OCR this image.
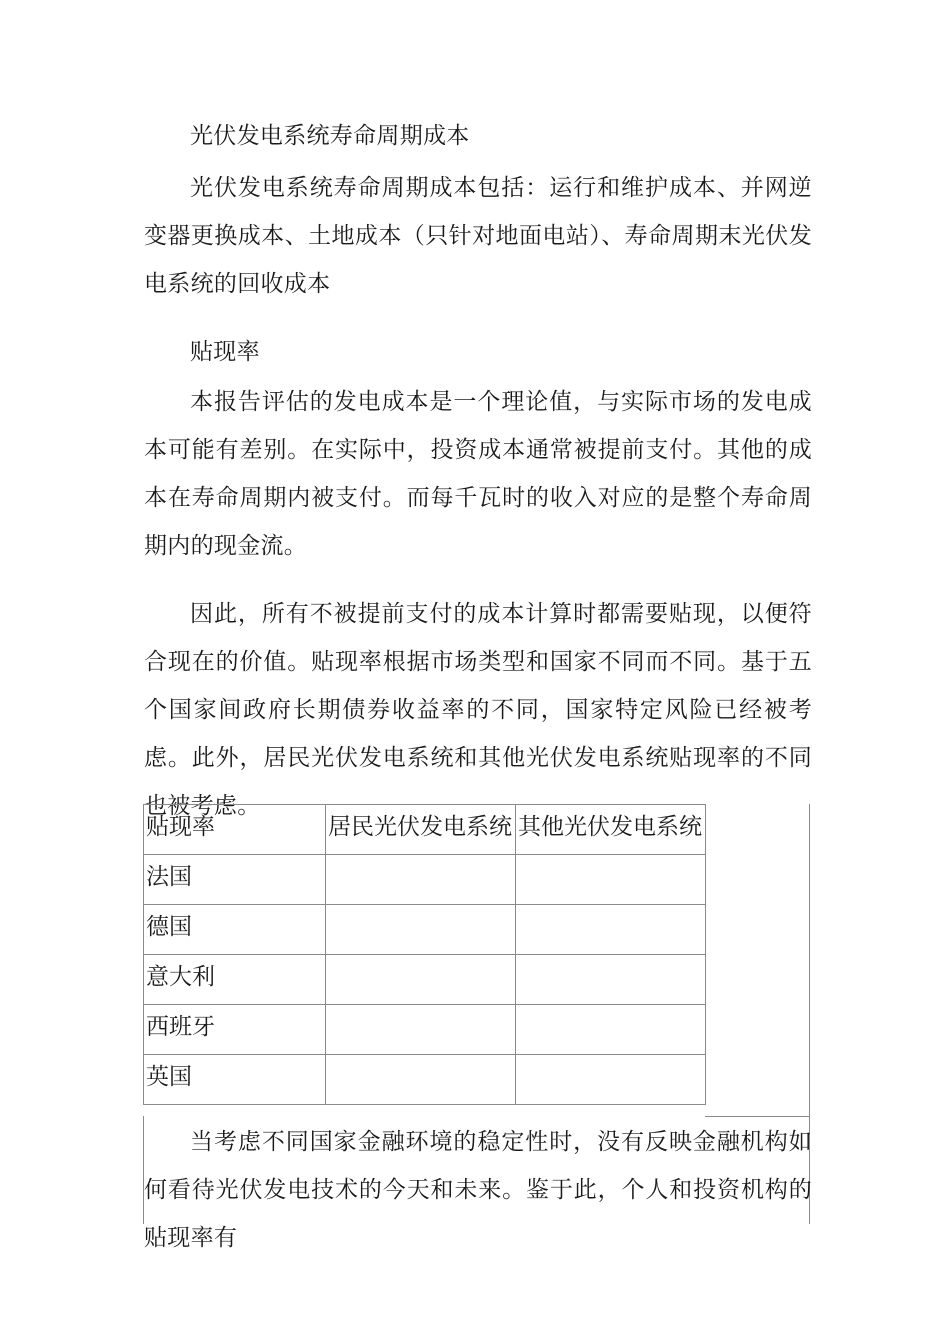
光伏发电系统寿命周期成本

光伏发电系统寿命周期成本包括：运行和维护成本、并网逆变器更换成本、土地成本（只针对地面电站）、寿命周期末光伏发电系统的回收成本

贴现率

本报告评估的发电成本是一个理论值，与实际市场的发电成本可能有差别。在实际中，投资成本通常被提前支付。其他的成本在寿命周期内被支付。而每千瓦时的收入对应的是整个寿命周期内的现金流。

因此，所有不被提前支付的成本计算时都需要贴现，以便符合现在的价值。贴现率根据市场类型和国家不同而不同。基于五个国家间政府长期债券收益率的不同，国家特定风险已经被考虑。此外，居民光伏发电系统和其他光伏发电系统贴现率的不同也被考虑。

贴现率	居民光伏发电系统	其他光伏发电系统
法国		
德国		
意大利		
西班牙		
英国		

当考虑不同国家金融环境的稳定性时，没有反映金融机构如何看待光伏发电技术的今天和未来。鉴于此，个人和投资机构的贴现率有
